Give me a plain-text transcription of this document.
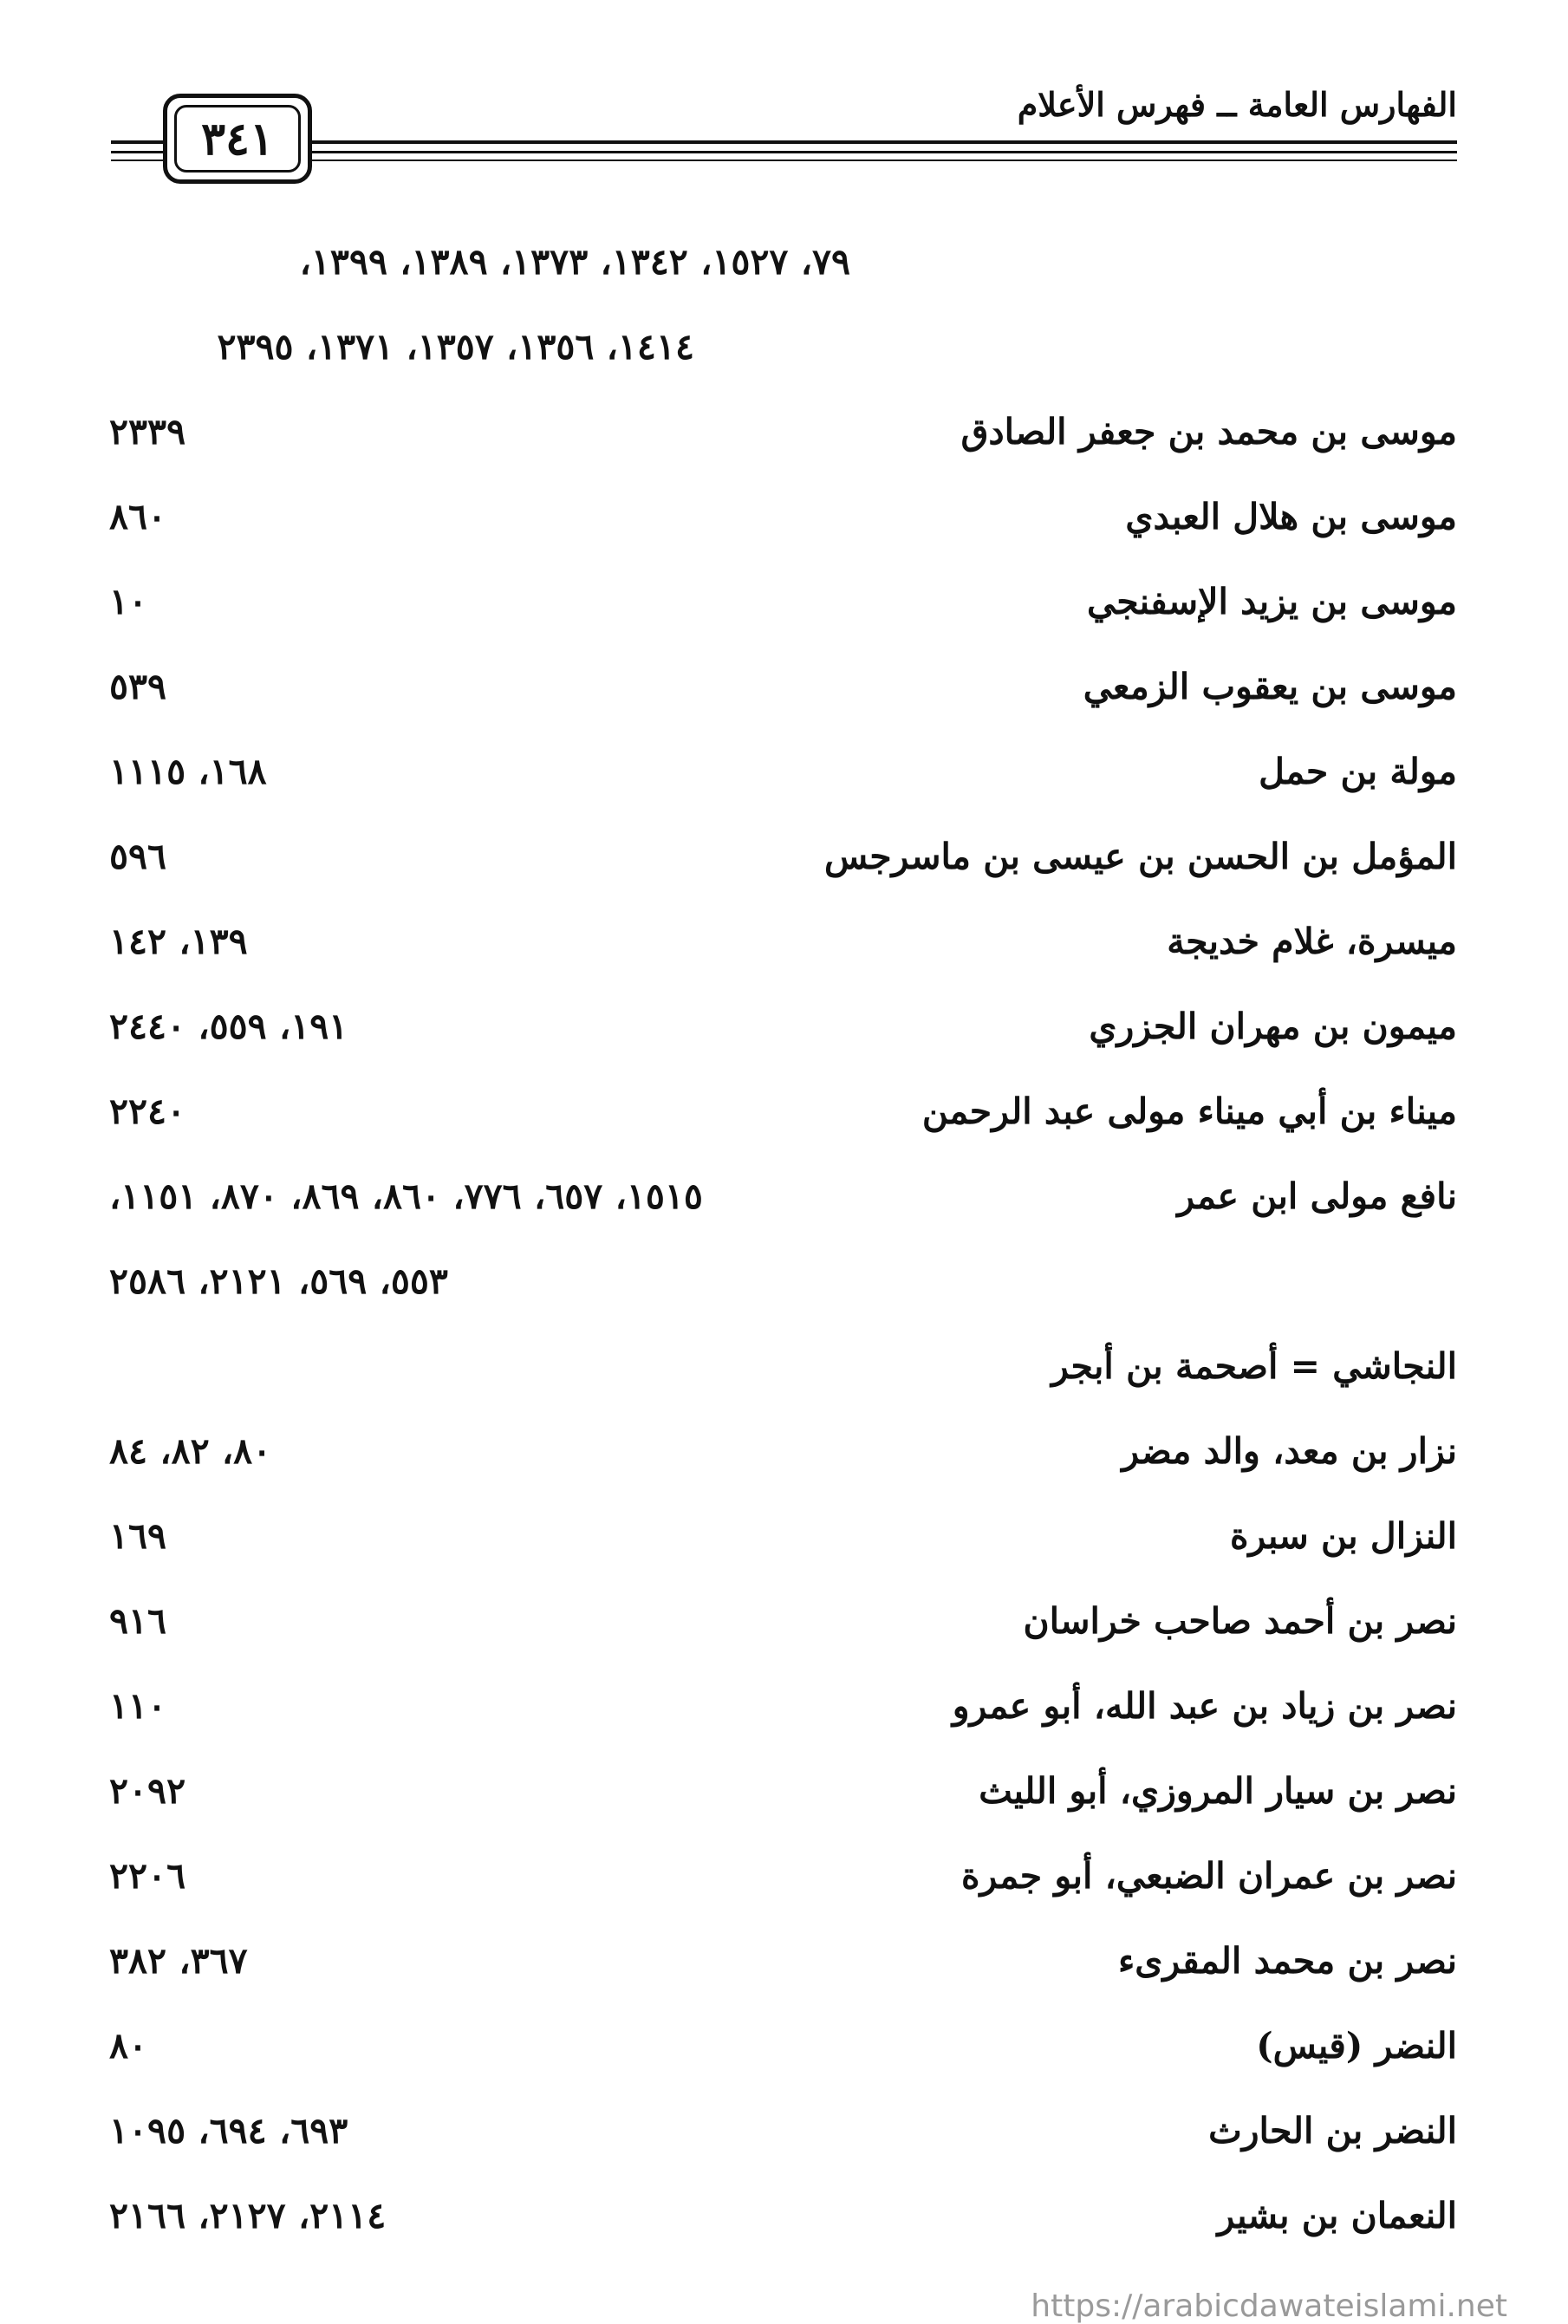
الفهارس العامة ــ فهرس الأعلام
٣٤١
٧٩، ١٥٢٧، ١٣٤٢، ١٣٧٣، ١٣٨٩، ١٣٩٩،
١٤١٤، ١٣٥٦، ١٣٥٧، ١٣٧١، ٢٣٩٥
موسى بن محمد بن جعفر الصادق
٢٣٣٩
موسى بن هلال العبدي
٨٦٠
موسى بن يزيد الإسفنجي
١٠
موسى بن يعقوب الزمعي
٥٣٩
مولة بن حمل
١٦٨، ١١١٥
المؤمل بن الحسن بن عيسى بن ماسرجس
٥٩٦
ميسرة، غلام خديجة
١٣٩، ١٤٢
ميمون بن مهران الجزري
١٩١، ٥٥٩، ٢٤٤٠
ميناء بن أبي ميناء مولى عبد الرحمن
٢٢٤٠
نافع مولى ابن عمر
١٥١٥، ٦٥٧، ٧٧٦، ٨٦٠، ٨٦٩، ٨٧٠، ١١٥١،
٥٥٣، ٥٦٩، ٢١٢١، ٢٥٨٦
النجاشي = أصحمة بن أبجر
نزار بن معد، والد مضر
٨٠، ٨٢، ٨٤
النزال بن سبرة
١٦٩
نصر بن أحمد صاحب خراسان
٩١٦
نصر بن زياد بن عبد الله، أبو عمرو
١١٠
نصر بن سيار المروزي، أبو الليث
٢٠٩٢
نصر بن عمران الضبعي، أبو جمرة
٢٢٠٦
نصر بن محمد المقرىء
٣٦٧، ٣٨٢
النضر (قيس)
٨٠
النضر بن الحارث
٦٩٣، ٦٩٤، ١٠٩٥
النعمان بن بشير
٢١١٤، ٢١٢٧، ٢١٦٦
https://arabicdawateislami.net
